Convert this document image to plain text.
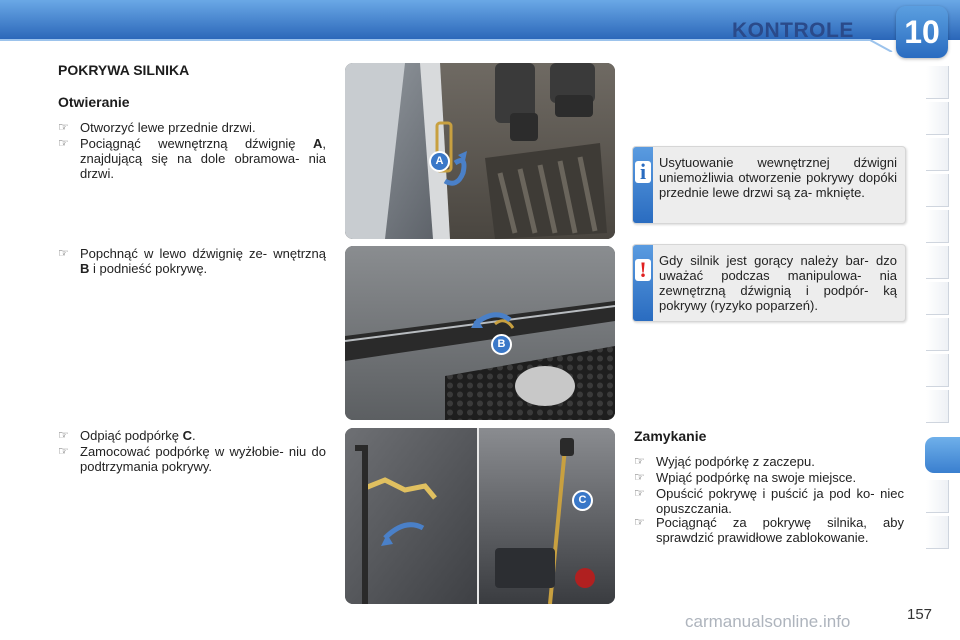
KONTROLE 10
POKRYWA SILNIKA
Otwieranie
☞ Otworzyć lewe przednie drzwi.
☞ Pociągnąć wewnętrzną dźwignię A, znajdującą się na dole obramowa- nia drzwi.
☞ Popchnąć w lewo dźwignię ze- wnętrzną B i podnieść pokrywę.
☞ Odpiąć podpórkę C.
☞ Zamocować podpórkę w wyżłobie- niu do podtrzymania pokrywy.
A
B
C
i Usytuowanie wewnętrznej dźwigni uniemożliwia otworzenie pokrywy dopóki przednie lewe drzwi są za- mknięte.
! Gdy silnik jest gorący należy bar- dzo uważać podczas manipulowa- nia zewnętrzną dźwignią i podpór- ką pokrywy (ryzyko poparzeń).
Zamykanie
☞ Wyjąć podpórkę z zaczepu.
☞ Wpiąć podpórkę na swoje miejsce.
☞ Opuścić pokrywę i puścić ja pod ko- niec opuszczania.
☞ Pociągnąć za pokrywę silnika, aby sprawdzić prawidłowe zablokowanie.
157
carmanualsonline.info
